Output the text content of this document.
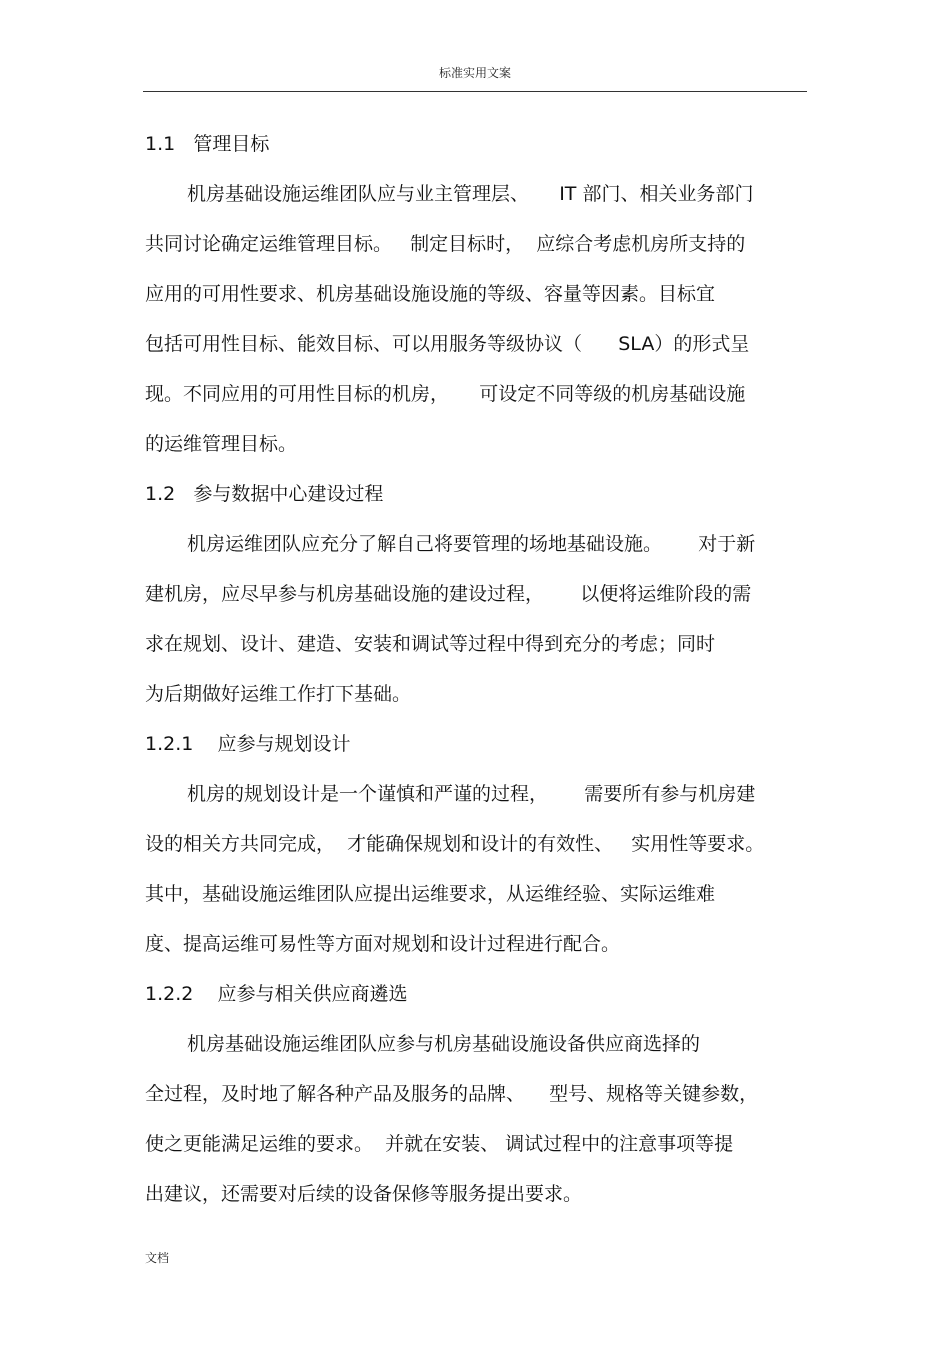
标准实用文案
1.1   管理目标
机房基础设施运维团队应与业主管理层、     IT 部门、相关业务部门
共同讨论确定运维管理目标。   制定目标时，  应综合考虑机房所支持的
应用的可用性要求、机房基础设施设施的等级、容量等因素。目标宜
包括可用性目标、能效目标、可以用服务等级协议（      SLA）的形式呈
现。不同应用的可用性目标的机房，     可设定不同等级的机房基础设施
的运维管理目标。
1.2   参与数据中心建设过程
机房运维团队应充分了解自己将要管理的场地基础设施。      对于新
建机房，应尽早参与机房基础设施的建设过程，      以便将运维阶段的需
求在规划、设计、建造、安装和调试等过程中得到充分的考虑；同时
为后期做好运维工作打下基础。
1.2.1    应参与规划设计
机房的规划设计是一个谨慎和严谨的过程，      需要所有参与机房建
设的相关方共同完成，  才能确保规划和设计的有效性、   实用性等要求。
其中，基础设施运维团队应提出运维要求，从运维经验、实际运维难
度、提高运维可易性等方面对规划和设计过程进行配合。
1.2.2    应参与相关供应商遴选
机房基础设施运维团队应参与机房基础设施设备供应商选择的
全过程，及时地了解各种产品及服务的品牌、    型号、规格等关键参数，
使之更能满足运维的要求。  并就在安装、 调试过程中的注意事项等提
出建议，还需要对后续的设备保修等服务提出要求。
文档
